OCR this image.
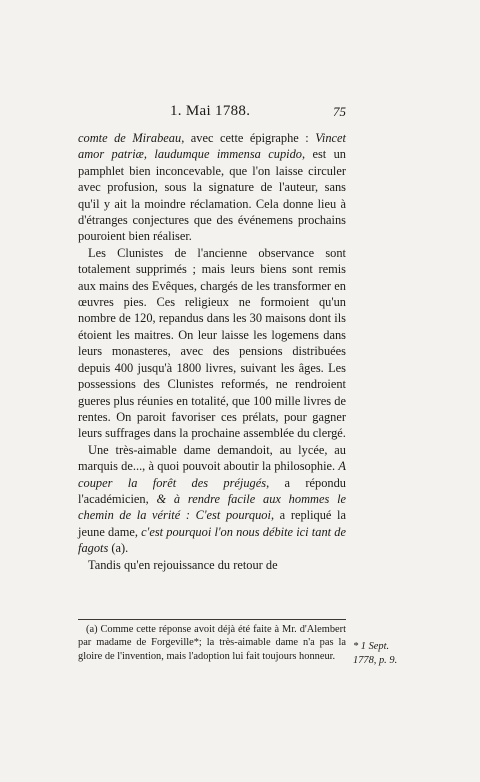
1. Mai 1788.	75

comte de Mirabeau, avec cette épigraphe : Vincet amor patriæ, laudumque immensa cupido, est un pamphlet bien inconcevable, que l'on laisse circuler avec profusion, sous la signature de l'auteur, sans qu'il y ait la moindre réclamation. Cela donne lieu à d'étranges conjectures que des événemens prochains pouroient bien réaliser.

Les Clunistes de l'ancienne observance sont totalement supprimés ; mais leurs biens sont remis aux mains des Evêques, chargés de les transformer en œuvres pies. Ces religieux ne formoient qu'un nombre de 120, repandus dans les 30 maisons dont ils étoient les maitres. On leur laisse les logemens dans leurs monasteres, avec des pensions distribuées depuis 400 jusqu'à 1800 livres, suivant les âges. Les possessions des Clunistes reformés, ne rendroient gueres plus réunies en totalité, que 100 mille livres de rentes. On paroit favoriser ces prélats, pour gagner leurs suffrages dans la prochaine assemblée du clergé.

Une très-aimable dame demandoit, au lycée, au marquis de..., à quoi pouvoit aboutir la philosophie. A couper la forêt des préjugés, a répondu l'académicien, & à rendre facile aux hommes le chemin de la vérité : C'est pourquoi, a repliqué la jeune dame, c'est pourquoi l'on nous débite ici tant de fagots (a).

Tandis qu'en rejouissance du retour de

(a) Comme cette réponse avoit déjà été faite à Mr. d'Alembert par madame de Forgeville*; la très-aimable dame n'a pas la gloire de l'invention, mais l'adoption lui fait toujours honneur.

* 1 Sept.
1778, p. 9.
